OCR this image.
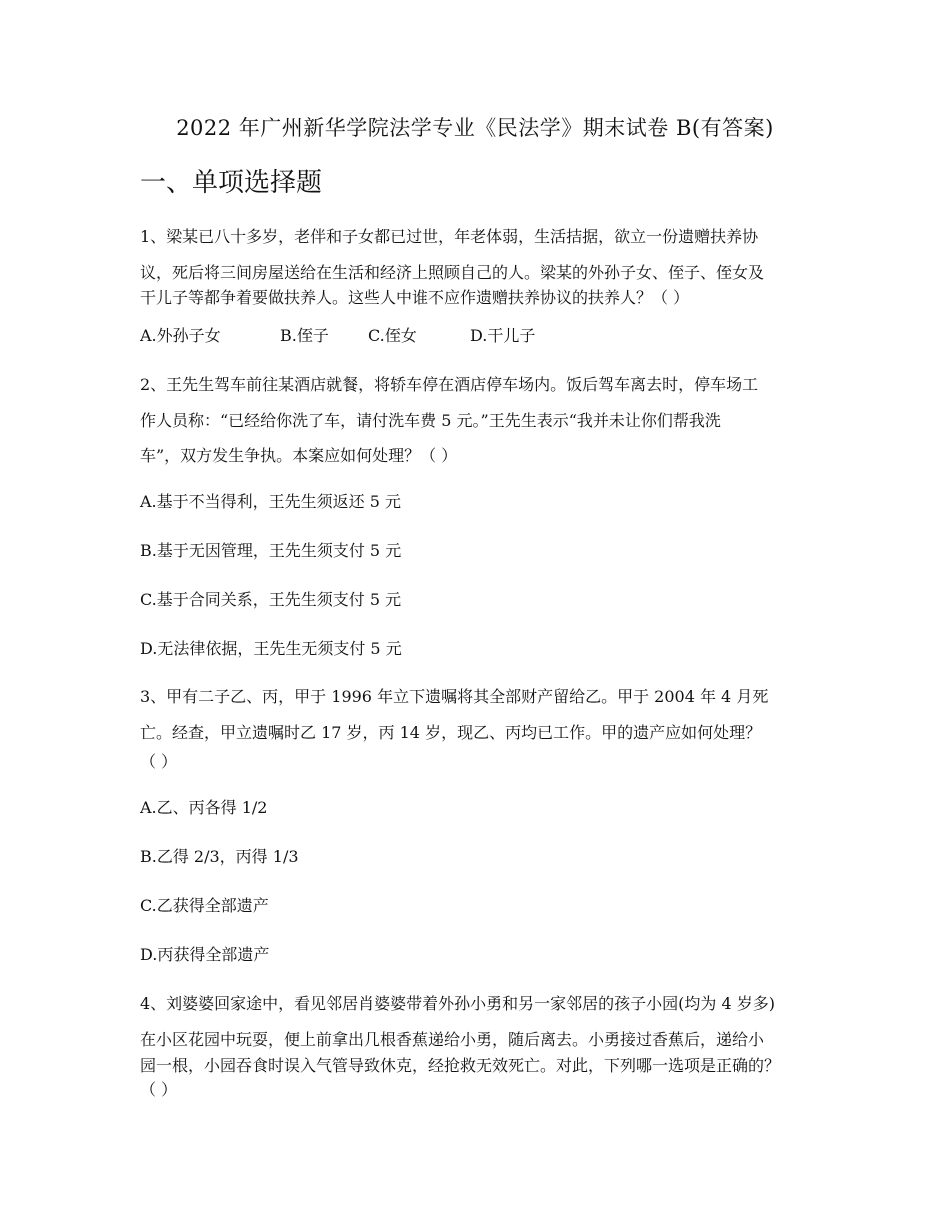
2022 年广州新华学院法学专业《民法学》期末试卷 B(有答案)
一、单项选择题
1、梁某已八十多岁，老伴和子女都已过世，年老体弱，生活拮据，欲立一份遗赠扶养协
议，死后将三间房屋送给在生活和经济上照顾自己的人。梁某的外孙子女、侄子、侄女及
干儿子等都争着要做扶养人。这些人中谁不应作遗赠扶养协议的扶养人？（ ）
A.外孙子女	B.侄子 C.侄女	D.干儿子
2、王先生驾车前往某酒店就餐，将轿车停在酒店停车场内。饭后驾车离去时，停车场工
作人员称：“已经给你洗了车，请付洗车费 5 元。”王先生表示“我并未让你们帮我洗
车”，双方发生争执。本案应如何处理？（ ）
A.基于不当得利，王先生须返还 5 元
B.基于无因管理，王先生须支付 5 元
C.基于合同关系，王先生须支付 5 元
D.无法律依据，王先生无须支付 5 元
3、甲有二子乙、丙，甲于 1996 年立下遗嘱将其全部财产留给乙。甲于 2004 年 4 月死
亡。经查，甲立遗嘱时乙 17 岁，丙 14 岁，现乙、丙均已工作。甲的遗产应如何处理？
（ ）
A.乙、丙各得 1/2
B.乙得 2/3，丙得 1/3
C.乙获得全部遗产
D.丙获得全部遗产
4、刘婆婆回家途中，看见邻居肖婆婆带着外孙小勇和另一家邻居的孩子小园(均为 4 岁多)
在小区花园中玩耍，便上前拿出几根香蕉递给小勇，随后离去。小勇接过香蕉后，递给小
园一根，小园吞食时误入气管导致休克，经抢救无效死亡。对此，下列哪一选项是正确的？
（ ）
